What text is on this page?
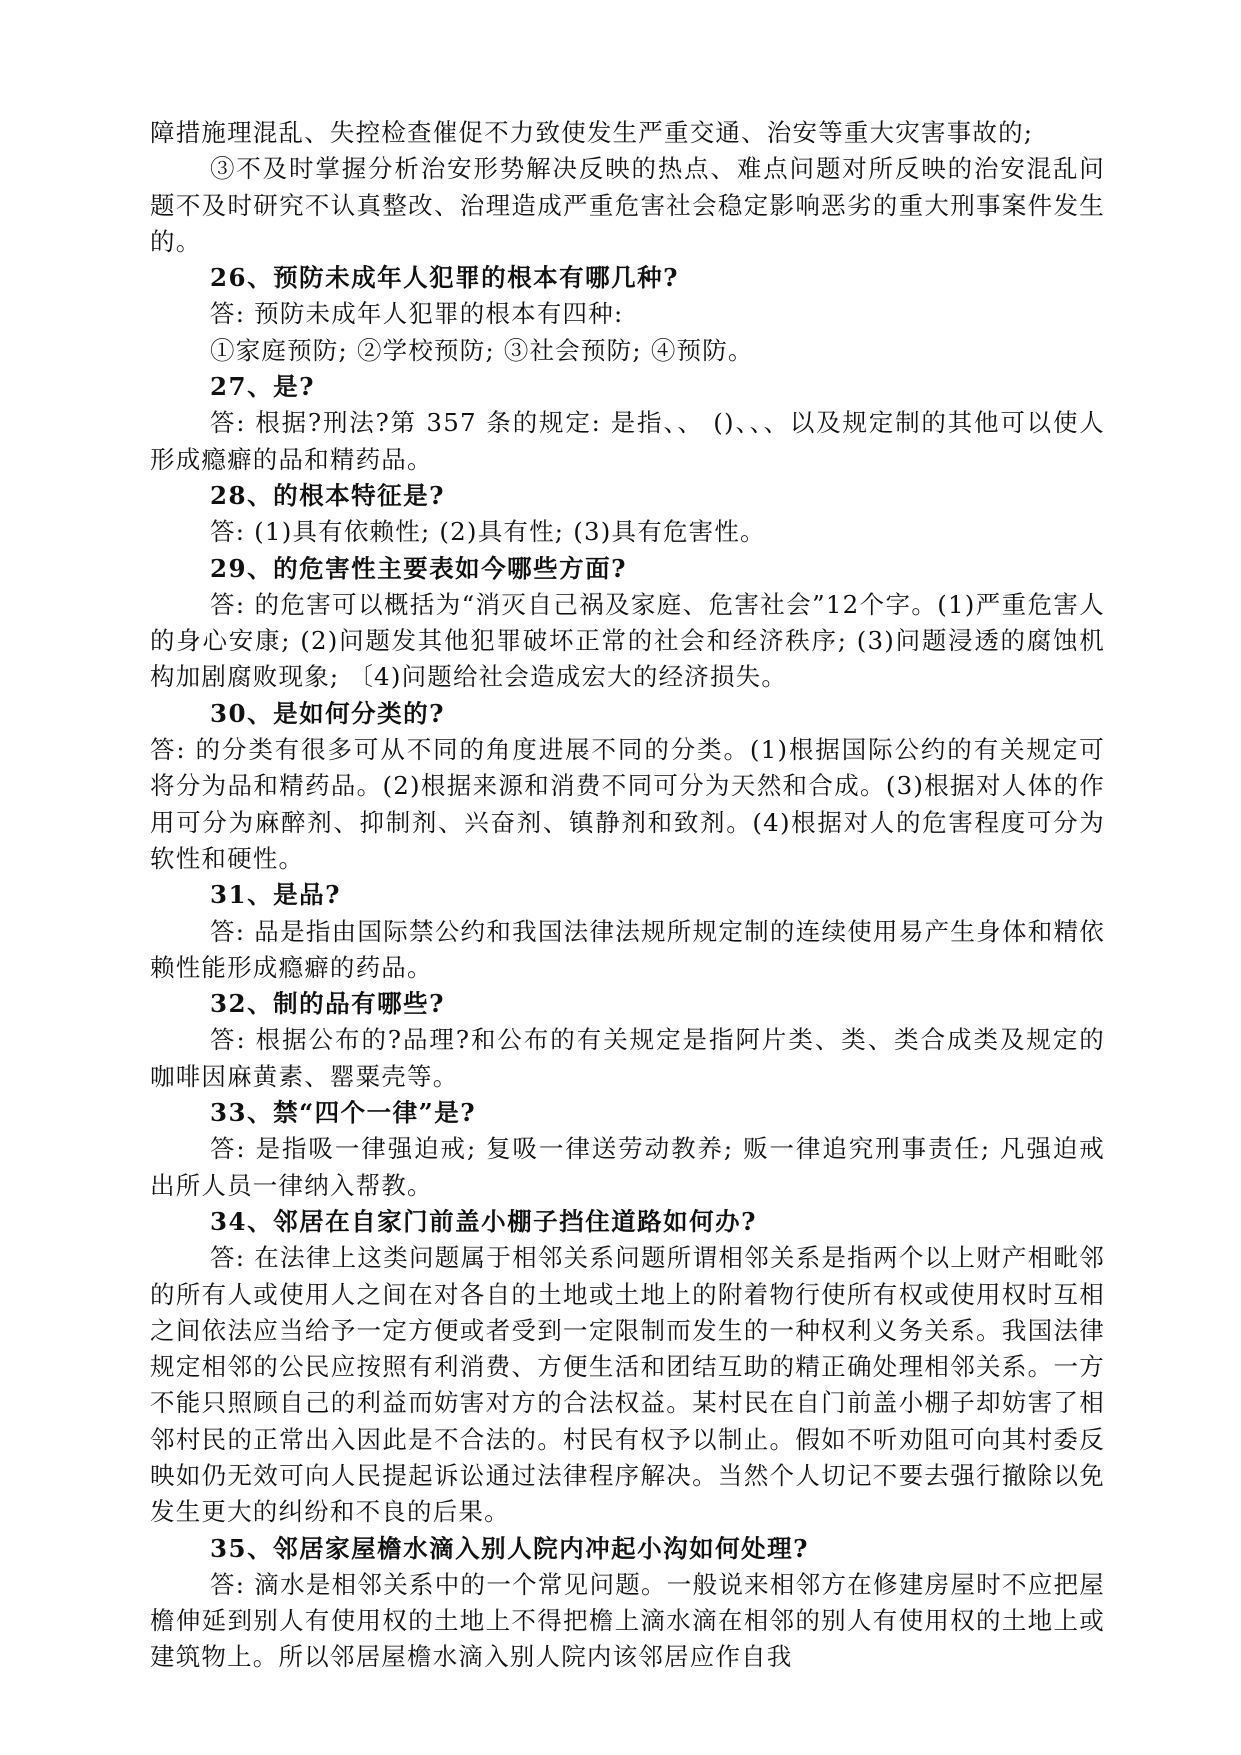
障措施理混乱、失控检查催促不力致使发生严重交通、治安等重大灾害事故的;

③不及时掌握分析治安形势解决反映的热点、难点问题对所反映的治安混乱问题不及时研究不认真整改、治理造成严重危害社会稳定影响恶劣的重大刑事案件发生的。

26、预防未成年人犯罪的根本有哪几种?

答: 预防未成年人犯罪的根本有四种:

①家庭预防; ②学校预防; ③社会预防; ④预防。

27、是?

答: 根据?刑法?第 357 条的规定: 是指、、 ()、、、以及规定制的其他可以使人形成瘾癖的品和精药品。

28、的根本特征是?

答: (1)具有依赖性; (2)具有性; (3)具有危害性。

29、的危害性主要表如今哪些方面?

答: 的危害可以概括为“消灭自己祸及家庭、危害社会”12个字。(1)严重危害人的身心安康; (2)问题发其他犯罪破坏正常的社会和经济秩序; (3)问题浸透的腐蚀机构加剧腐败现象; 〔4)问题给社会造成宏大的经济损失。

30、是如何分类的?

答: 的分类有很多可从不同的角度进展不同的分类。(1)根据国际公约的有关规定可将分为品和精药品。(2)根据来源和消费不同可分为天然和合成。(3)根据对人体的作用可分为麻醉剂、抑制剂、兴奋剂、镇静剂和致剂。(4)根据对人的危害程度可分为软性和硬性。

31、是品?

答: 品是指由国际禁公约和我国法律法规所规定制的连续使用易产生身体和精依赖性能形成瘾癖的药品。

32、制的品有哪些?

答: 根据公布的?品理?和公布的有关规定是指阿片类、类、类合成类及规定的咖啡因麻黄素、罂粟壳等。

33、禁“四个一律”是?

答: 是指吸一律强迫戒; 复吸一律送劳动教养; 贩一律追究刑事责任; 凡强迫戒出所人员一律纳入帮教。

34、邻居在自家门前盖小棚子挡住道路如何办?

答: 在法律上这类问题属于相邻关系问题所谓相邻关系是指两个以上财产相毗邻的所有人或使用人之间在对各自的土地或土地上的附着物行使所有权或使用权时互相之间依法应当给予一定方便或者受到一定限制而发生的一种权利义务关系。我国法律规定相邻的公民应按照有利消费、方便生活和团结互助的精正确处理相邻关系。一方不能只照顾自己的利益而妨害对方的合法权益。某村民在自门前盖小棚子却妨害了相邻村民的正常出入因此是不合法的。村民有权予以制止。假如不听劝阻可向其村委反映如仍无效可向人民提起诉讼通过法律程序解决。当然个人切记不要去强行撤除以免发生更大的纠纷和不良的后果。

35、邻居家屋檐水滴入别人院内冲起小沟如何处理?

答: 滴水是相邻关系中的一个常见问题。一般说来相邻方在修建房屋时不应把屋檐伸延到别人有使用权的土地上不得把檐上滴水滴在相邻的别人有使用权的土地上或建筑物上。所以邻居屋檐水滴入别人院内该邻居应作自我
